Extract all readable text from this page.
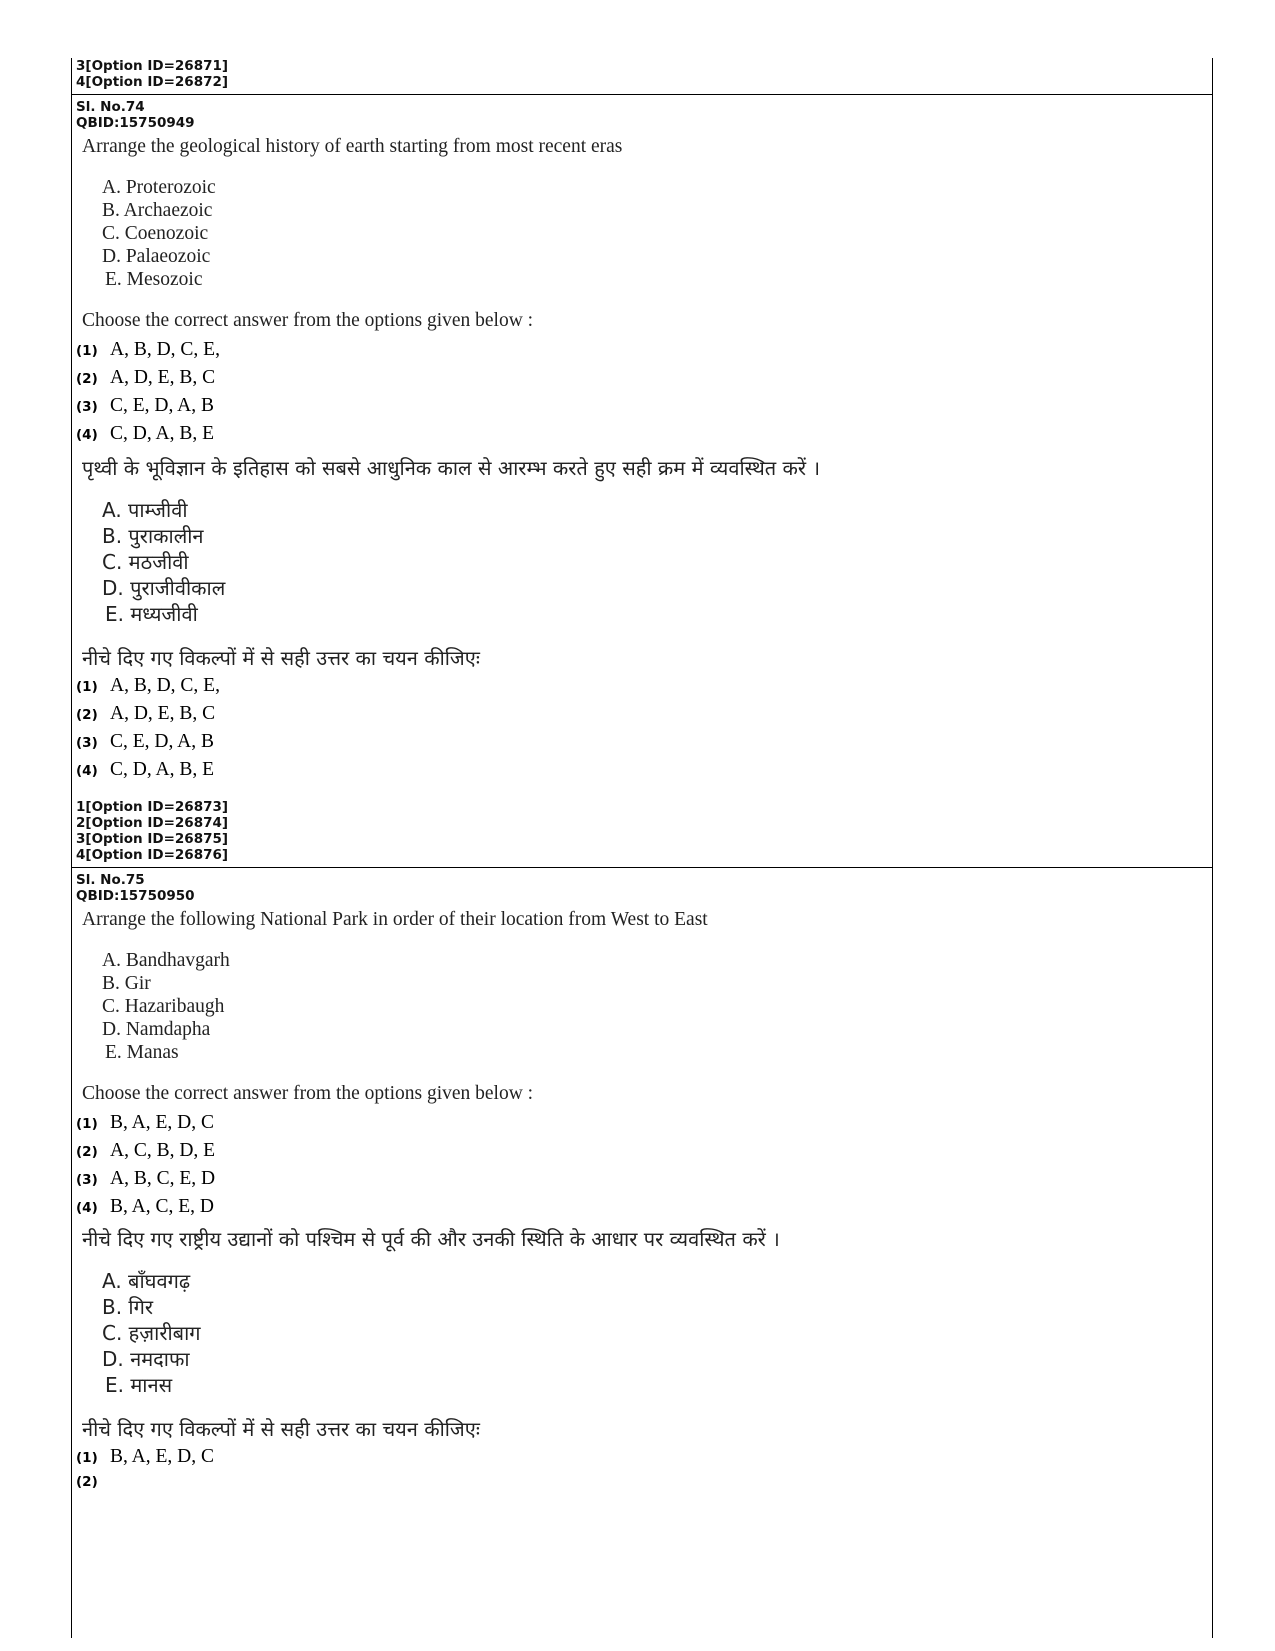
3[Option ID=26871]
4[Option ID=26872]
Sl. No.74
QBID:15750949
Arrange the geological history of earth starting from most recent eras
A. Proterozoic
B. Archaezoic
C. Coenozoic
D. Palaeozoic
E. Mesozoic
Choose the correct answer from the options given below :
(1) A, B, D, C, E,
(2) A, D, E, B, C
(3) C, E, D, A, B
(4) C, D, A, B, E
पृथ्वी के भूविज्ञान के इतिहास को सबसे आधुनिक काल से आरम्भ करते हुए सही क्रम में व्यवस्थित करें ।
A. पाम्जीवी
B. पुराकालीन
C. मठजीवी
D. पुराजीवीकाल
E. मध्यजीवी
नीचे दिए गए विकल्पों में से सही उत्तर का चयन कीजिएः
(1) A, B, D, C, E,
(2) A, D, E, B, C
(3) C, E, D, A, B
(4) C, D, A, B, E
1[Option ID=26873]
2[Option ID=26874]
3[Option ID=26875]
4[Option ID=26876]
Sl. No.75
QBID:15750950
Arrange the following National Park in order of their location from West to East
A. Bandhavgarh
B. Gir
C. Hazaribaugh
D. Namdapha
E. Manas
Choose the correct answer from the options given below :
(1) B, A, E, D, C
(2) A, C, B, D, E
(3) A, B, C, E, D
(4) B, A, C, E, D
नीचे दिए गए राष्ट्रीय उद्यानों को पश्चिम से पूर्व की और उनकी स्थिति के आधार पर व्यवस्थित करें ।
A. बाँघवगढ़
B. गिर
C. हज़ारीबाग
D. नमदाफा
E. मानस
नीचे दिए गए विकल्पों में से सही उत्तर का चयन कीजिएः
(1) B, A, E, D, C
(2)
